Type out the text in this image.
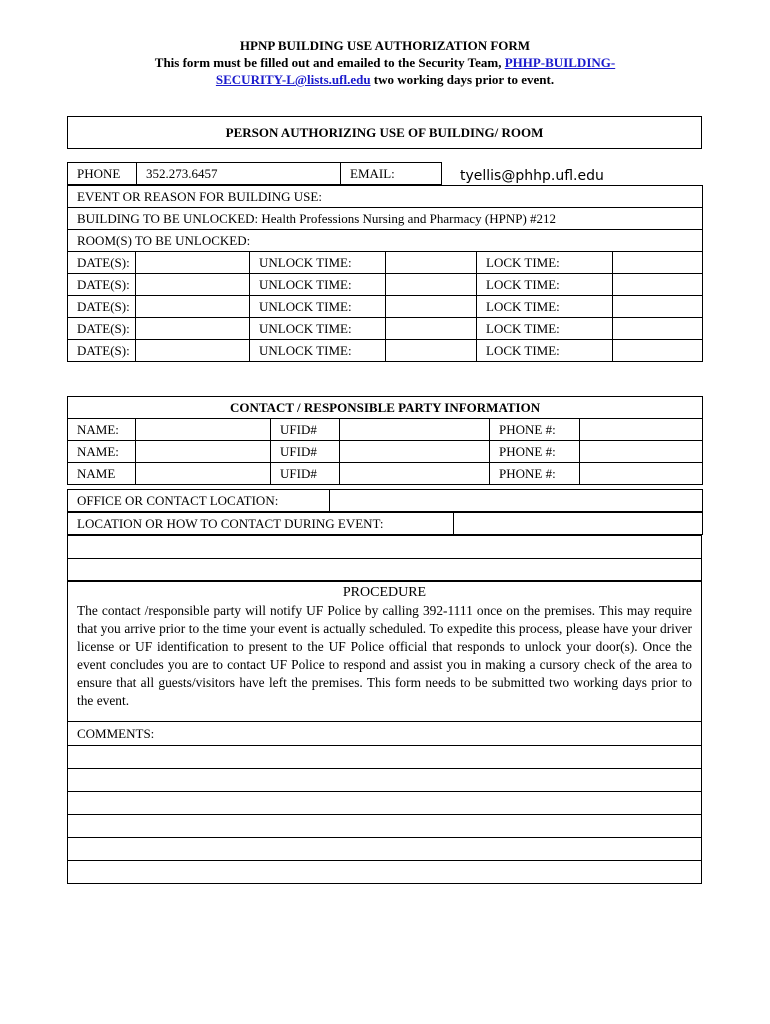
HPNP BUILDING USE AUTHORIZATION FORM
This form must be filled out and emailed to the Security Team, PHHP-BUILDING-
SECURITY-L@lists.ufl.edu two working days prior to event.
PERSON AUTHORIZING USE OF BUILDING/ ROOM
PHONE	352.273.6457	EMAIL:	tyellis@phhp.ufl.edu
EVENT OR REASON FOR BUILDING USE:					
BUILDING TO BE UNLOCKED: Health Professions Nursing and Pharmacy (HPNP) #212					
ROOM(S) TO BE UNLOCKED:					
DATE(S):		UNLOCK TIME:		LOCK TIME:	
DATE(S):		UNLOCK TIME:		LOCK TIME:	
DATE(S):		UNLOCK TIME:		LOCK TIME:	
DATE(S):		UNLOCK TIME:		LOCK TIME:	
DATE(S):		UNLOCK TIME:		LOCK TIME:	
CONTACT / RESPONSIBLE PARTY INFORMATION					
NAME:		UFID#		PHONE #:	
NAME:		UFID#		PHONE #:	
NAME		UFID#		PHONE #:	
OFFICE OR CONTACT LOCATION:	
LOCATION OR HOW TO CONTACT DURING EVENT:	

PROCEDURE
The contact /responsible party will notify UF Police by calling 392-1111 once on the premises. This may require that you arrive prior to the time your event is actually scheduled. To expedite this process, please have your driver license or UF identification to present to the UF Police official that responds to unlock your door(s). Once the event concludes you are to contact UF Police to respond and assist you in making a cursory check of the area to ensure that all guests/visitors have left the premises. This form needs to be submitted two working days prior to the event.
COMMENTS:
